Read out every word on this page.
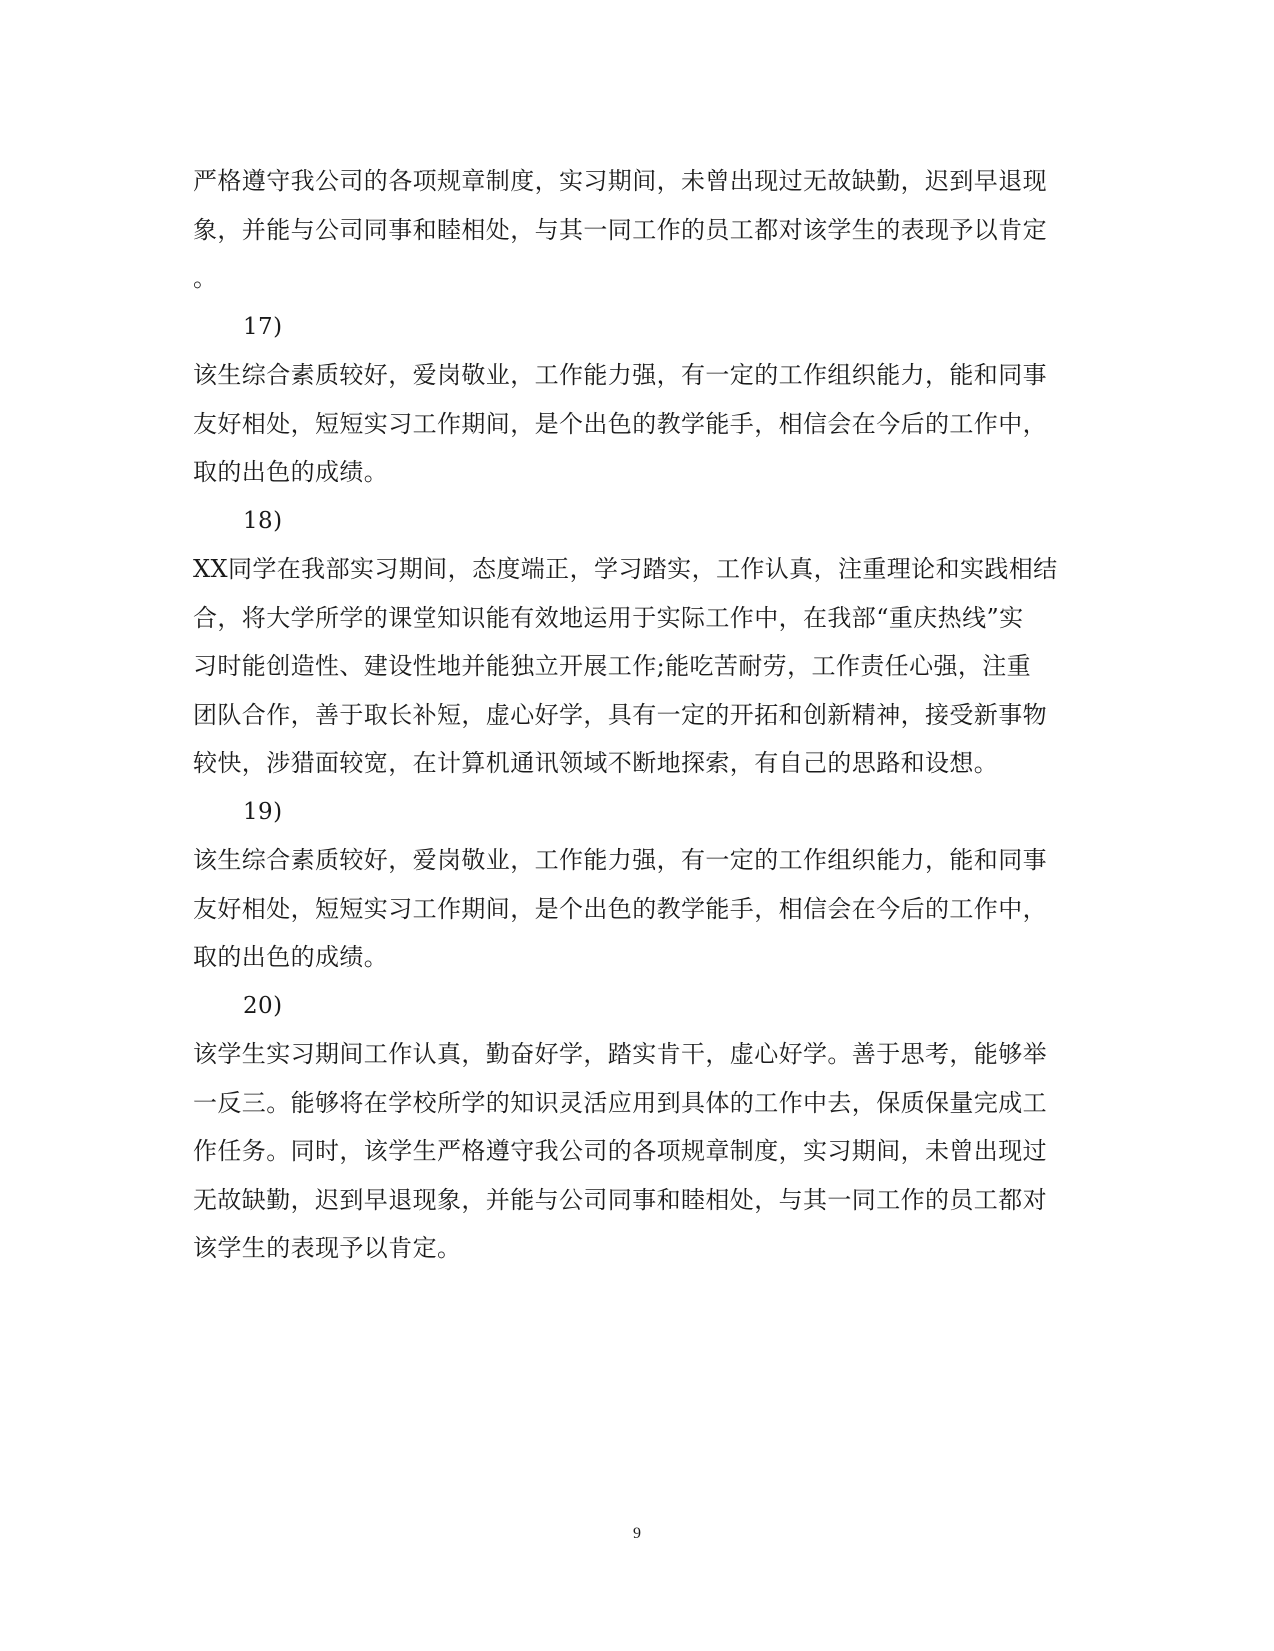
严格遵守我公司的各项规章制度，实习期间，未曾出现过无故缺勤，迟到早退现
象，并能与公司同事和睦相处，与其一同工作的员工都对该学生的表现予以肯定
。
17)
该生综合素质较好，爱岗敬业，工作能力强，有一定的工作组织能力，能和同事
友好相处，短短实习工作期间，是个出色的教学能手，相信会在今后的工作中，
取的出色的成绩。
18)
XX同学在我部实习期间，态度端正，学习踏实，工作认真，注重理论和实践相结
合，将大学所学的课堂知识能有效地运用于实际工作中，在我部“重庆热线”实
习时能创造性、建设性地并能独立开展工作;能吃苦耐劳，工作责任心强，注重
团队合作，善于取长补短，虚心好学，具有一定的开拓和创新精神，接受新事物
较快，涉猎面较宽，在计算机通讯领域不断地探索，有自己的思路和设想。
19)
该生综合素质较好，爱岗敬业，工作能力强，有一定的工作组织能力，能和同事
友好相处，短短实习工作期间，是个出色的教学能手，相信会在今后的工作中，
取的出色的成绩。
20)
该学生实习期间工作认真，勤奋好学，踏实肯干，虚心好学。善于思考，能够举
一反三。能够将在学校所学的知识灵活应用到具体的工作中去，保质保量完成工
作任务。同时，该学生严格遵守我公司的各项规章制度，实习期间，未曾出现过
无故缺勤，迟到早退现象，并能与公司同事和睦相处，与其一同工作的员工都对
该学生的表现予以肯定。
9
